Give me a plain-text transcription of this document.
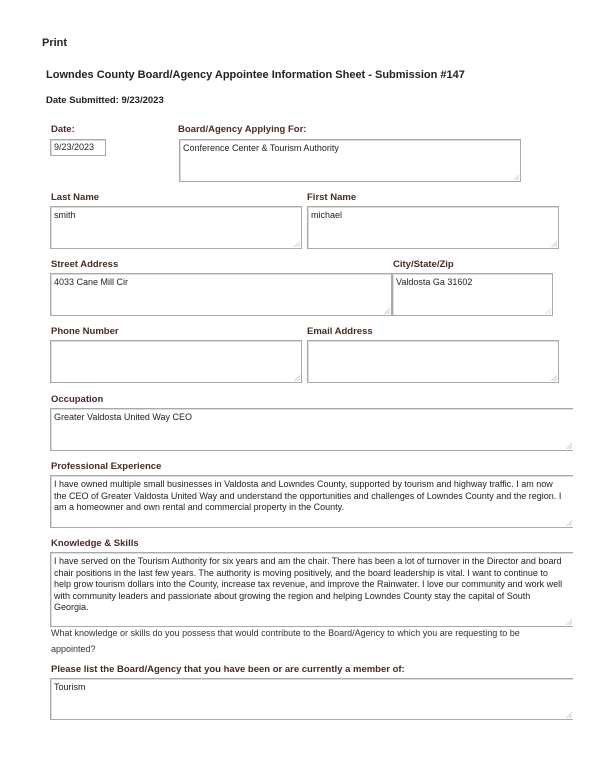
Print
Lowndes County Board/Agency Appointee Information Sheet - Submission #147
Date Submitted: 9/23/2023
Date:
9/23/2023
Board/Agency Applying For:
Conference Center & Tourism Authority
Last Name
smith
First Name
michael
Street Address
4033 Cane Mill Cir
City/State/Zip
Valdosta Ga 31602
Phone Number	Email Address
Occupation
Greater Valdosta United Way CEO
Professional Experience
I have owned multiple small businesses in Valdosta and Lowndes County, supported by tourism and highway traffic. I am now the CEO of Greater Valdosta United Way and understand the opportunities and challenges of Lowndes County and the region. I am a homeowner and own rental and commercial property in the County.
Knowledge & Skills
I have served on the Tourism Authority for six years and am the chair. There has been a lot of turnover in the Director and board chair positions in the last few years. The authority is moving positively, and the board leadership is vital. I want to continue to help grow tourism dollars into the County, increase tax revenue, and improve the Rainwater. I love our community and work well with community leaders and passionate about growing the region and helping Lowndes County stay the capital of South Georgia.
What knowledge or skills do you possess that would contribute to the Board/Agency to which you are requesting to be appointed?
Please list the Board/Agency that you have been or are currently a member of:
Tourism
